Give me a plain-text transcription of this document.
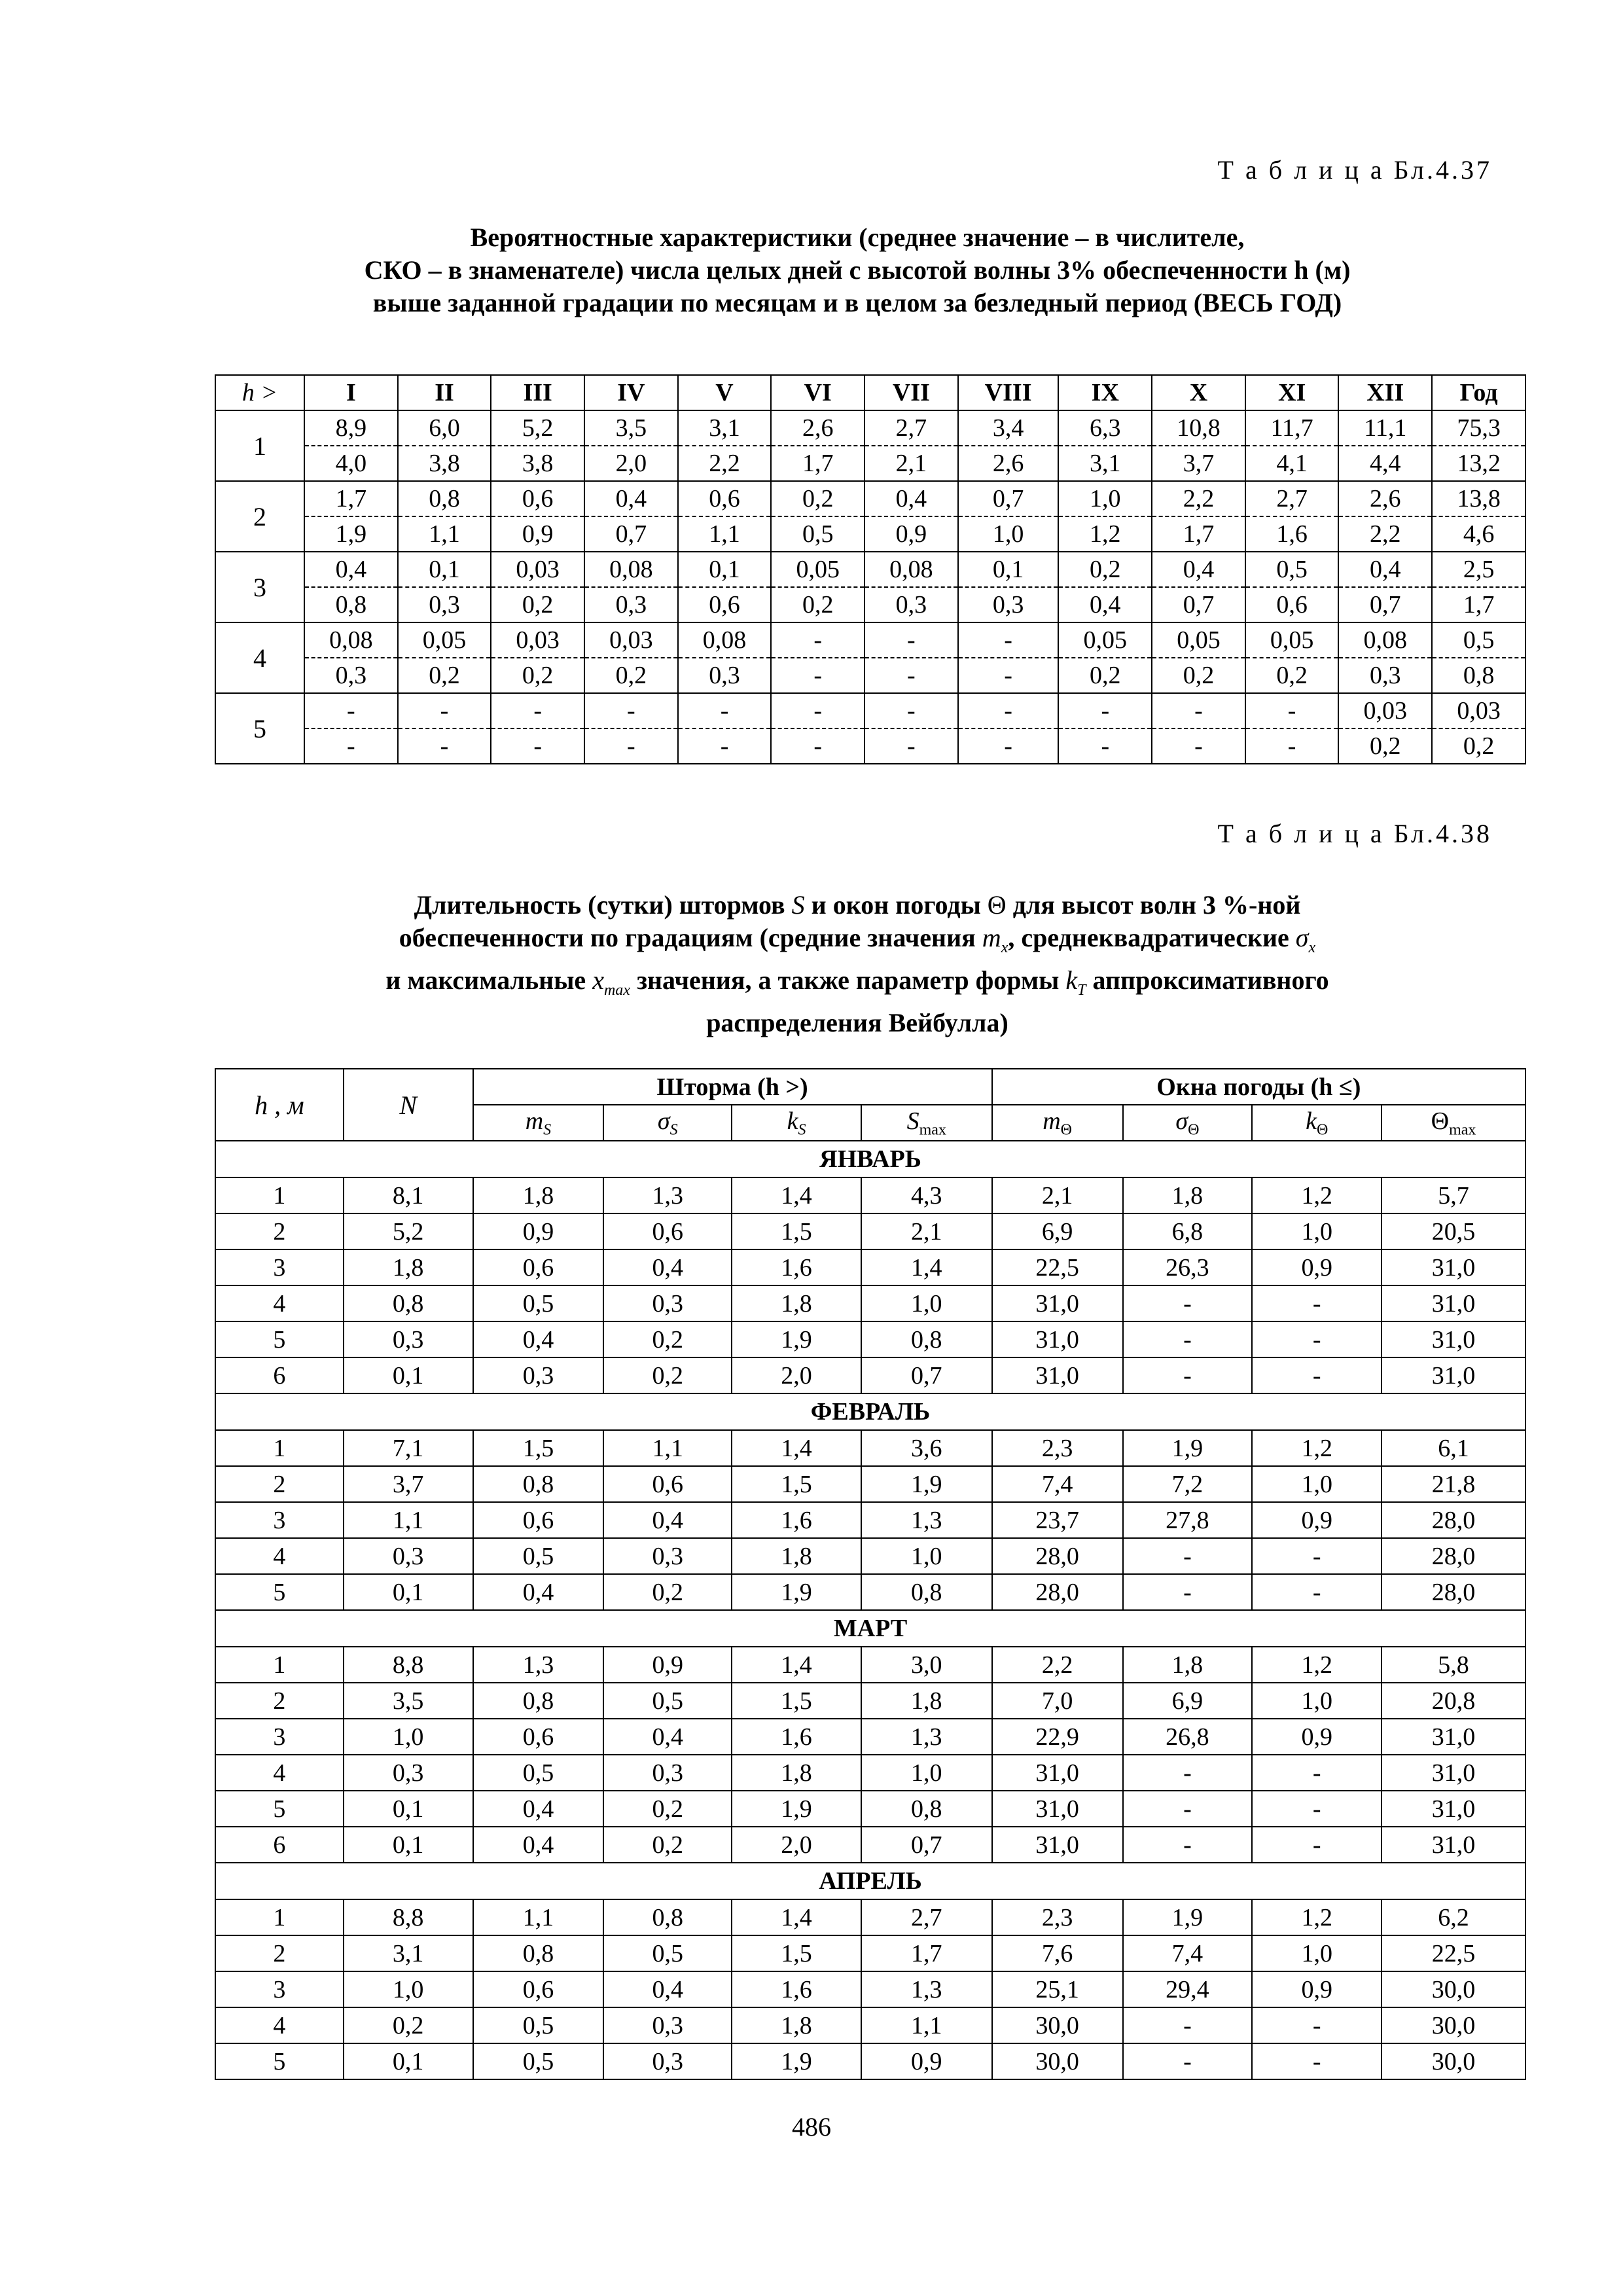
Т а б л и ц а Бл.4.37
Вероятностные характеристики (среднее значение – в числителе,
СКО – в знаменателе) числа целых дней с высотой волны 3% обеспеченности h (м)
выше заданной градации по месяцам и в целом за безледный период (ВЕСЬ ГОД)
h >	I	II	III	IV	V	VI	VII	VIII	IX	X	XI	XII	Год
1	8,9	6,0	5,2	3,5	3,1	2,6	2,7	3,4	6,3	10,8	11,7	11,1	75,3
	4,0	3,8	3,8	2,0	2,2	1,7	2,1	2,6	3,1	3,7	4,1	4,4	13,2
2	1,7	0,8	0,6	0,4	0,6	0,2	0,4	0,7	1,0	2,2	2,7	2,6	13,8
	1,9	1,1	0,9	0,7	1,1	0,5	0,9	1,0	1,2	1,7	1,6	2,2	4,6
3	0,4	0,1	0,03	0,08	0,1	0,05	0,08	0,1	0,2	0,4	0,5	0,4	2,5
	0,8	0,3	0,2	0,3	0,6	0,2	0,3	0,3	0,4	0,7	0,6	0,7	1,7
4	0,08	0,05	0,03	0,03	0,08	-	-	-	0,05	0,05	0,05	0,08	0,5
	0,3	0,2	0,2	0,2	0,3	-	-	-	0,2	0,2	0,2	0,3	0,8
5	-	-	-	-	-	-	-	-	-	-	-	0,03	0,03
	-	-	-	-	-	-	-	-	-	-	-	0,2	0,2
Т а б л и ц а Бл.4.38
Длительность (сутки) штормов S и окон погоды Θ для высот волн 3 %-ной
обеспеченности по градациям (средние значения $m_x$, среднеквадратические $\sigma_x$
и максимальные $x_{max}$ значения, а также параметр формы $k_T$ аппроксимативного
распределения Вейбулла)
h , м	N	Шторма (h >)				Окна погоды (h ≤)			
		$m_S$	$\sigma_S$	$k_S$	$S_{max}$	$m_\Theta$	$\sigma_\Theta$	$k_\Theta$	$\Theta_{max}$
ЯНВАРЬ									
1	8,1	1,8	1,3	1,4	4,3	2,1	1,8	1,2	5,7
2	5,2	0,9	0,6	1,5	2,1	6,9	6,8	1,0	20,5
3	1,8	0,6	0,4	1,6	1,4	22,5	26,3	0,9	31,0
4	0,8	0,5	0,3	1,8	1,0	31,0	-	-	31,0
5	0,3	0,4	0,2	1,9	0,8	31,0	-	-	31,0
6	0,1	0,3	0,2	2,0	0,7	31,0	-	-	31,0
ФЕВРАЛЬ									
1	7,1	1,5	1,1	1,4	3,6	2,3	1,9	1,2	6,1
2	3,7	0,8	0,6	1,5	1,9	7,4	7,2	1,0	21,8
3	1,1	0,6	0,4	1,6	1,3	23,7	27,8	0,9	28,0
4	0,3	0,5	0,3	1,8	1,0	28,0	-	-	28,0
5	0,1	0,4	0,2	1,9	0,8	28,0	-	-	28,0
МАРТ									
1	8,8	1,3	0,9	1,4	3,0	2,2	1,8	1,2	5,8
2	3,5	0,8	0,5	1,5	1,8	7,0	6,9	1,0	20,8
3	1,0	0,6	0,4	1,6	1,3	22,9	26,8	0,9	31,0
4	0,3	0,5	0,3	1,8	1,0	31,0	-	-	31,0
5	0,1	0,4	0,2	1,9	0,8	31,0	-	-	31,0
6	0,1	0,4	0,2	2,0	0,7	31,0	-	-	31,0
АПРЕЛЬ									
1	8,8	1,1	0,8	1,4	2,7	2,3	1,9	1,2	6,2
2	3,1	0,8	0,5	1,5	1,7	7,6	7,4	1,0	22,5
3	1,0	0,6	0,4	1,6	1,3	25,1	29,4	0,9	30,0
4	0,2	0,5	0,3	1,8	1,1	30,0	-	-	30,0
5	0,1	0,5	0,3	1,9	0,9	30,0	-	-	30,0
486
